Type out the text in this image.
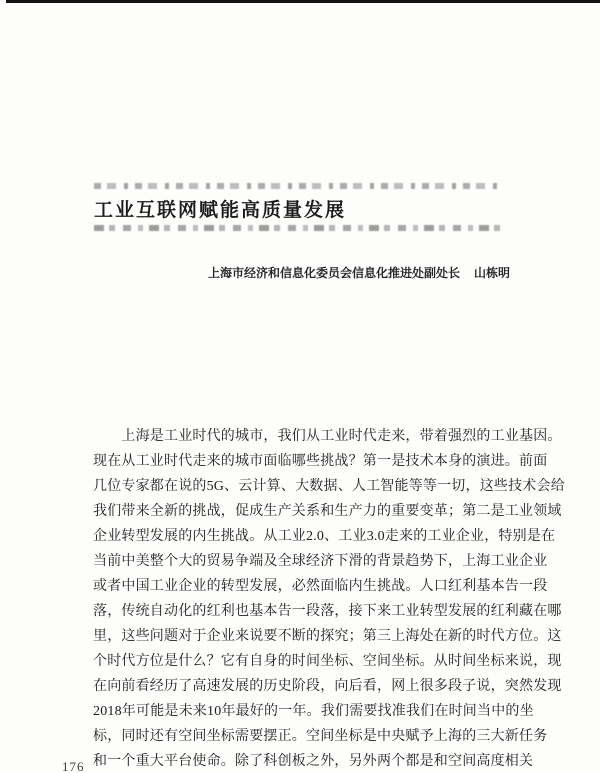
工业互联网赋能高质量发展
上海市经济和信息化委员会信息化推进处副处长 山栋明
　　上海是工业时代的城市，我们从工业时代走来，带着强烈的工业基因。
现在从工业时代走来的城市面临哪些挑战？第一是技术本身的演进。前面
几位专家都在说的5G、云计算、大数据、人工智能等等一切，这些技术会给
我们带来全新的挑战，促成生产关系和生产力的重要变革；第二是工业领域
企业转型发展的内生挑战。从工业2.0、工业3.0走来的工业企业，特别是在
当前中美整个大的贸易争端及全球经济下滑的背景趋势下，上海工业企业
或者中国工业企业的转型发展，必然面临内生挑战。人口红利基本告一段
落，传统自动化的红利也基本告一段落，接下来工业转型发展的红利藏在哪
里，这些问题对于企业来说要不断的探究；第三上海处在新的时代方位。这
个时代方位是什么？它有自身的时间坐标、空间坐标。从时间坐标来说，现
在向前看经历了高速发展的历史阶段，向后看，网上很多段子说，突然发现
2018年可能是未来10年最好的一年。我们需要找准我们在时间当中的坐
标，同时还有空间坐标需要摆正。空间坐标是中央赋予上海的三大新任务
和一个重大平台使命。除了科创板之外，另外两个都是和空间高度相关
176
